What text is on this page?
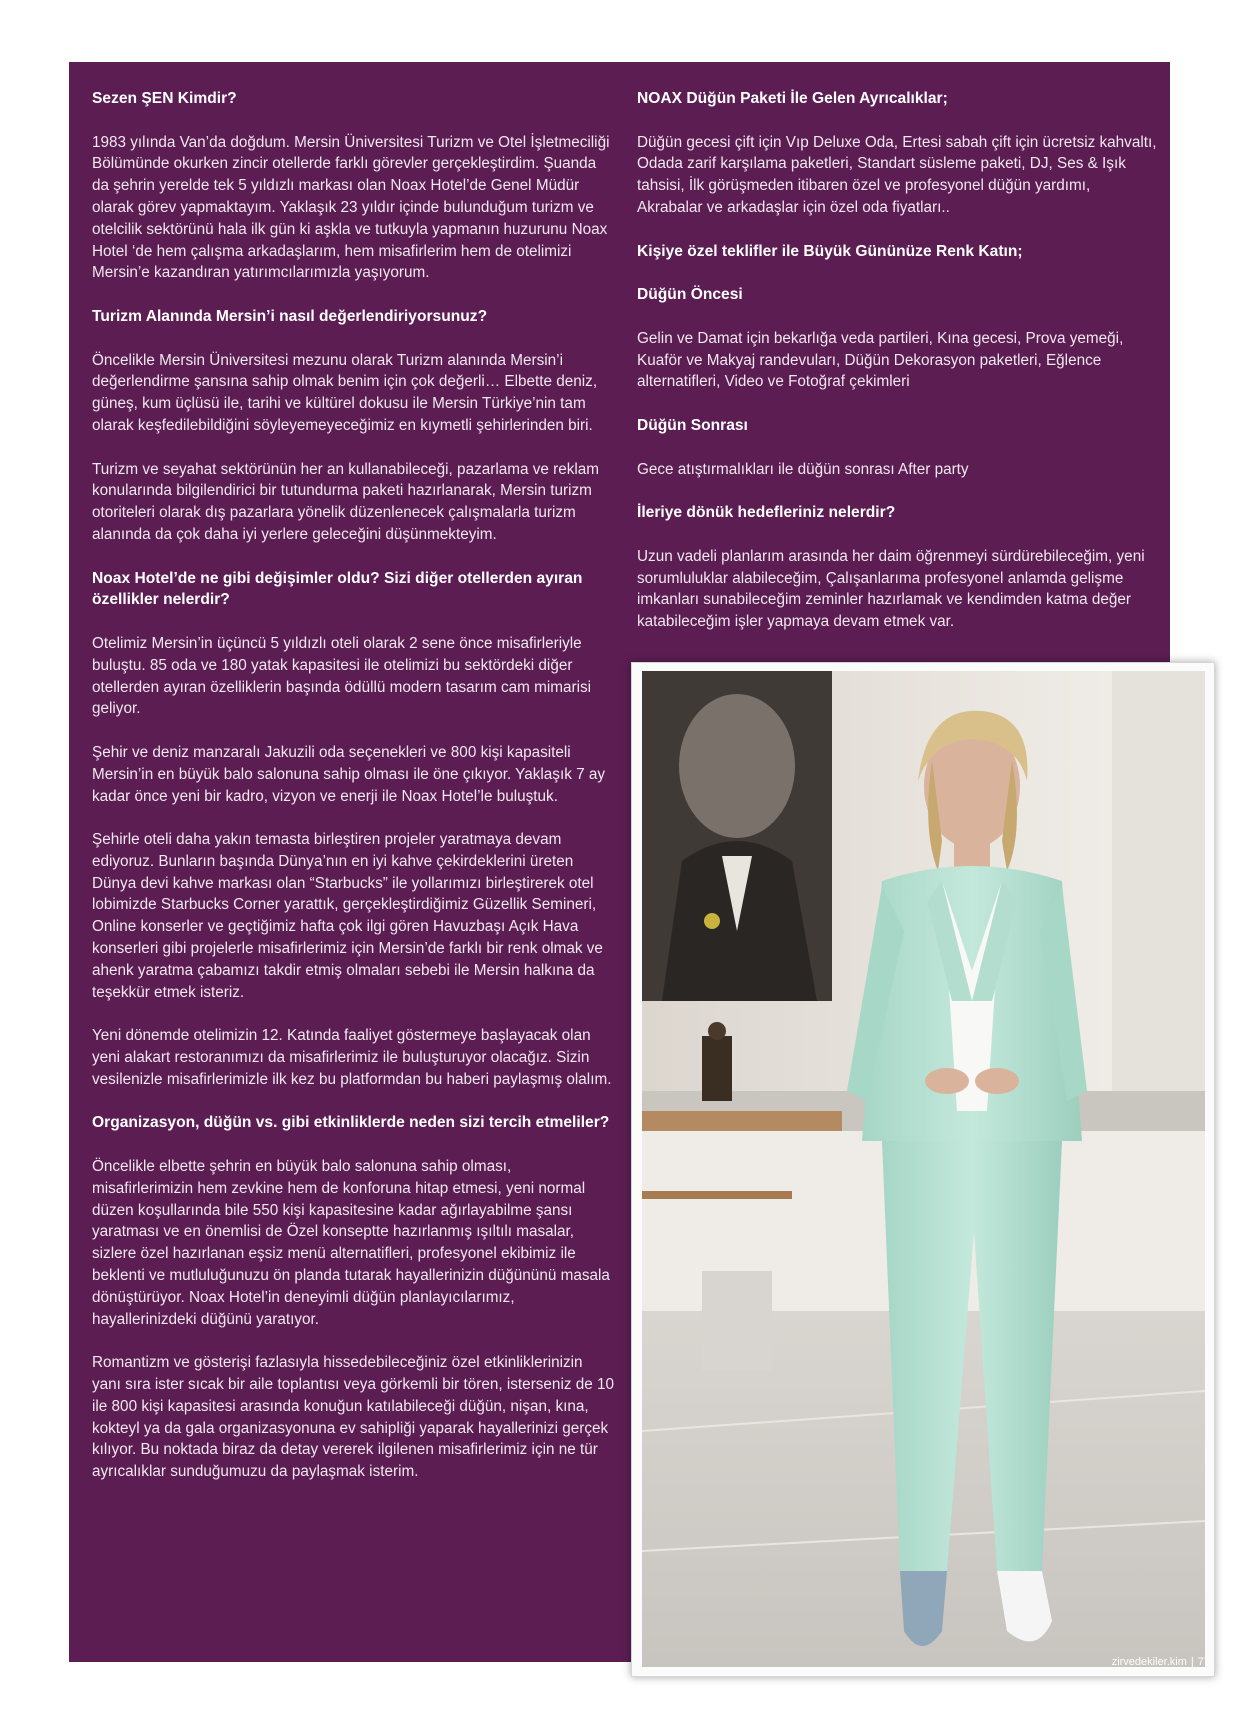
Sezen ŞEN Kimdir?

1983 yılında Van’da doğdum. Mersin Üniversitesi Turizm ve Otel İşletmeciliği Bölümünde okurken zincir otellerde farklı görevler gerçekleştirdim. Şuanda da şehrin yerelde tek 5 yıldızlı markası olan Noax Hotel’de Genel Müdür olarak görev yapmaktayım. Yaklaşık 23 yıldır içinde bulunduğum turizm ve otelcilik sektörünü hala ilk gün ki aşkla ve tutkuyla yapmanın huzurunu Noax Hotel ‘de hem çalışma arkadaşlarım, hem misafirlerim hem de otelimizi Mersin’e kazandıran yatırımcılarımızla yaşıyorum.

Turizm Alanında Mersin’i nasıl değerlendiriyorsunuz?

Öncelikle Mersin Üniversitesi mezunu olarak Turizm alanında Mersin’i değerlendirme şansına sahip olmak benim için çok değerli… Elbette deniz, güneş, kum üçlüsü ile, tarihi ve kültürel dokusu ile Mersin Türkiye’nin tam olarak keşfedilebildiğini söyleyemeyeceğimiz en kıymetli şehirlerinden biri.

Turizm ve seyahat sektörünün her an kullanabileceği, pazarlama ve reklam konularında bilgilendirici bir tutundurma paketi hazırlanarak, Mersin turizm otoriteleri olarak dış pazarlara yönelik düzenlenecek çalışmalarla turizm alanında da çok daha iyi yerlere geleceğini düşünmekteyim.

Noax Hotel’de ne gibi değişimler oldu? Sizi diğer otellerden ayıran özellikler nelerdir?

Otelimiz Mersin’in üçüncü 5 yıldızlı oteli olarak 2 sene önce misafirleriyle buluştu. 85 oda ve 180 yatak kapasitesi ile otelimizi bu sektördeki diğer otellerden ayıran özelliklerin başında ödüllü modern tasarım cam mimarisi geliyor.

Şehir ve deniz manzaralı Jakuzili oda seçenekleri ve 800 kişi kapasiteli Mersin’in en büyük balo salonuna sahip olması ile öne çıkıyor. Yaklaşık 7 ay kadar önce yeni bir kadro, vizyon ve enerji ile Noax Hotel’le buluştuk.

Şehirle oteli daha yakın temasta birleştiren projeler yaratmaya devam ediyoruz. Bunların başında Dünya’nın en iyi kahve çekirdeklerini üreten Dünya devi kahve markası olan “Starbucks” ile yollarımızı birleştirerek otel lobimizde Starbucks Corner yarattık, gerçekleştirdiğimiz Güzellik Semineri, Online konserler ve geçtiğimiz hafta çok ilgi gören Havuzbaşı Açık Hava konserleri gibi projelerle misafirlerimiz için Mersin’de farklı bir renk olmak ve ahenk yaratma çabamızı takdir etmiş olmaları sebebi ile Mersin halkına da teşekkür etmek isteriz.

Yeni dönemde otelimizin 12. Katında faaliyet göstermeye başlayacak olan yeni alakart restoranımızı da misafirlerimiz ile buluşturuyor olacağız. Sizin vesilenizle misafirlerimizle ilk kez bu platformdan bu haberi paylaşmış olalım.

Organizasyon, düğün vs. gibi etkinliklerde neden sizi tercih etmeliler?

Öncelikle elbette şehrin en büyük balo salonuna sahip olması, misafirlerimizin hem zevkine hem de konforuna hitap etmesi, yeni normal düzen koşullarında bile 550 kişi kapasitesine kadar ağırlayabilme şansı yaratması ve en önemlisi de Özel konseptte hazırlanmış ışıltılı masalar, sizlere özel hazırlanan eşsiz menü alternatifleri, profesyonel ekibimiz ile beklenti ve mutluluğunuzu ön planda tutarak hayallerinizin düğününü masala dönüştürüyor. Noax Hotel’in deneyimli düğün planlayıcılarımız, hayallerinizdeki düğünü yaratıyor.

Romantizm ve gösterişi fazlasıyla hissedebileceğiniz özel etkinliklerinizin yanı sıra ister sıcak bir aile toplantısı veya görkemli bir tören, isterseniz de 10 ile 800 kişi kapasitesi arasında konuğun katılabileceği düğün, nişan, kına, kokteyl ya da gala organizasyonuna ev sahipliği yaparak hayallerinizi gerçek kılıyor. Bu noktada biraz da detay vererek ilgilenen misafirlerimiz için ne tür ayrıcalıklar sunduğumuzu da paylaşmak isterim.

NOAX Düğün Paketi İle Gelen Ayrıcalıklar;

Düğün gecesi çift için Vıp Deluxe Oda, Ertesi sabah çift için ücretsiz kahvaltı, Odada zarif karşılama paketleri, Standart süsleme paketi, DJ, Ses & Işık tahsisi, İlk görüşmeden itibaren özel ve profesyonel düğün yardımı, Akrabalar ve arkadaşlar için özel oda fiyatları..

Kişiye özel teklifler ile Büyük Gününüze Renk Katın;
Düğün Öncesi

Gelin ve Damat için bekarlığa veda partileri, Kına gecesi, Prova yemeği, Kuaför ve Makyaj randevuları, Düğün Dekorasyon paketleri, Eğlence alternatifleri, Video ve Fotoğraf çekimleri

Düğün Sonrası

Gece atıştırmalıkları ile düğün sonrası After party

İleriye dönük hedefleriniz nelerdir?

Uzun vadeli planlarım arasında her daim öğrenmeyi sürdürebileceğim, yeni sorumluluklar alabileceğim, Çalışanlarıma profesyonel anlamda gelişme imkanları sunabileceğim zeminler hazırlamak ve kendimden katma değer katabileceğim işler yapmaya devam etmek var.

zirvedekiler.kim | 77
